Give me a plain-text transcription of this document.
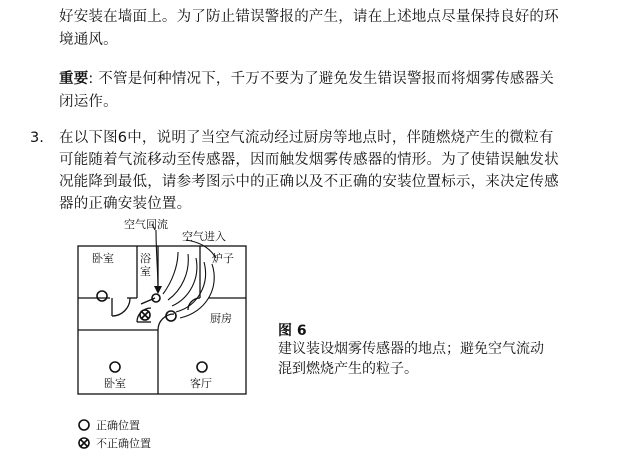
好安装在墙面上。为了防止错误警报的产生，请在上述地点尽量保持良好的环
境通风。
重要: 不管是何种情况下，千万不要为了避免发生错误警报而将烟雾传感器关
闭运作。
3. 在以下图6中，说明了当空气流动经过厨房等地点时，伴随燃烧产生的微粒有
可能随着气流移动至传感器，因而触发烟雾传感器的情形。为了使错误触发状
况能降到最低，请参考图示中的正确以及不正确的安装位置标示，来决定传感
器的正确安装位置。
空气回流
空气进入
卧室 浴
室
炉子
厨房
卧室	客厅
正确位置
不正确位置
图 6
建议装设烟雾传感器的地点；避免空气流动
混到燃烧产生的粒子。
